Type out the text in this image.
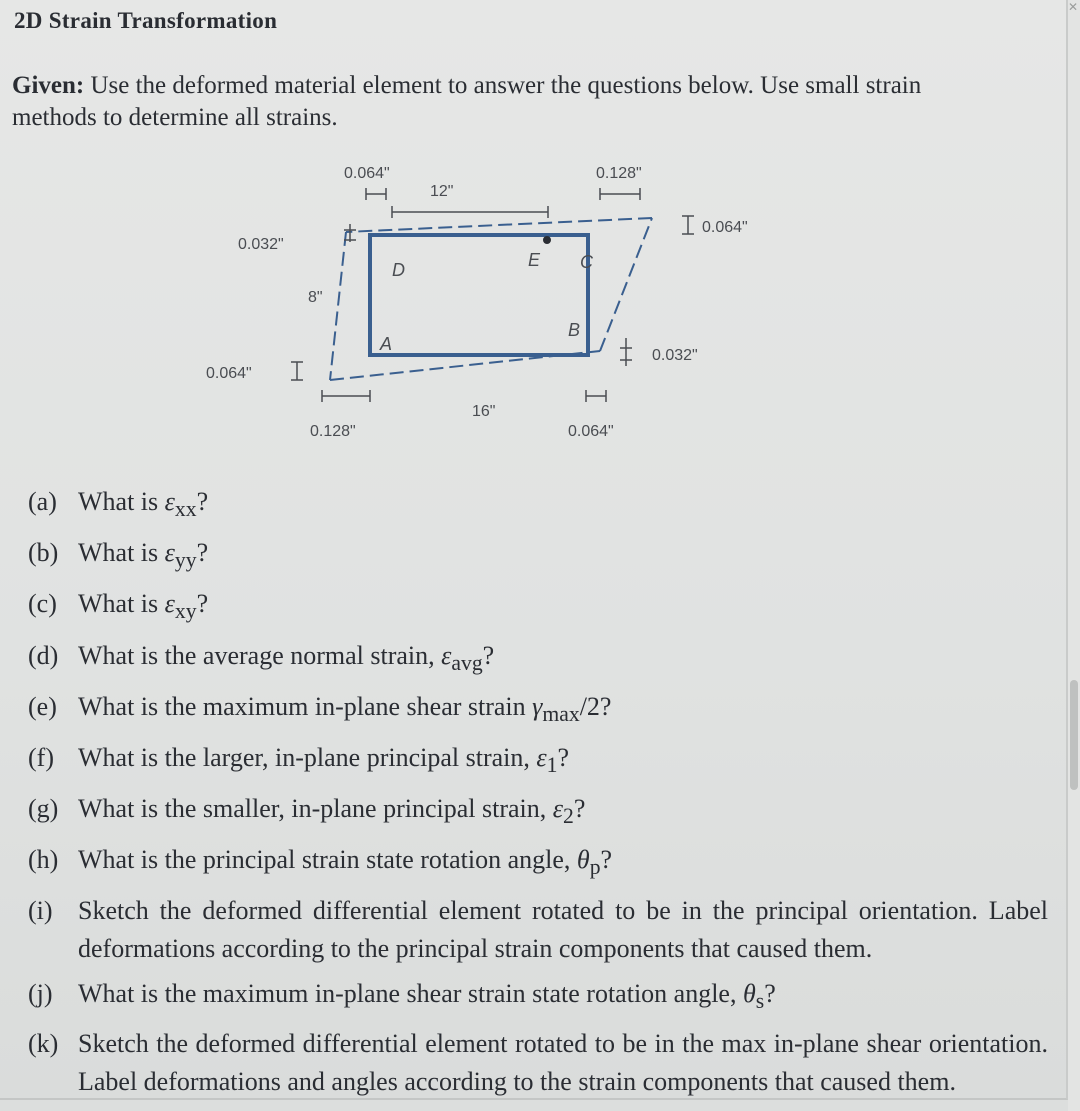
2D Strain Transformation
Given: Use the deformed material element to answer the questions below. Use small strain methods to determine all strains.
0.064"
12"
0.128"
0.064"
0.032"
8"
0.064"
0.032"
0.128"
16"
0.064"
A
B
C
D	E
(a) What is $\varepsilon_{xx}$?
(b) What is $\varepsilon_{yy}$?
(c) What is $\varepsilon_{xy}$?
(d) What is the average normal strain, $\varepsilon_{avg}$?
(e) What is the maximum in-plane shear strain $\gamma_{max}/2$?
(f) What is the larger, in-plane principal strain, $\varepsilon_1$?
(g) What is the smaller, in-plane principal strain, $\varepsilon_2$?
(h) What is the principal strain state rotation angle, $\theta_p$?
(i) Sketch the deformed differential element rotated to be in the principal orientation. Label deformations according to the principal strain components that caused them.
(j) What is the maximum in-plane shear strain state rotation angle, $\theta_s$?
(k) Sketch the deformed differential element rotated to be in the max in-plane shear orientation. Label deformations and angles according to the strain components that caused them.
✕
